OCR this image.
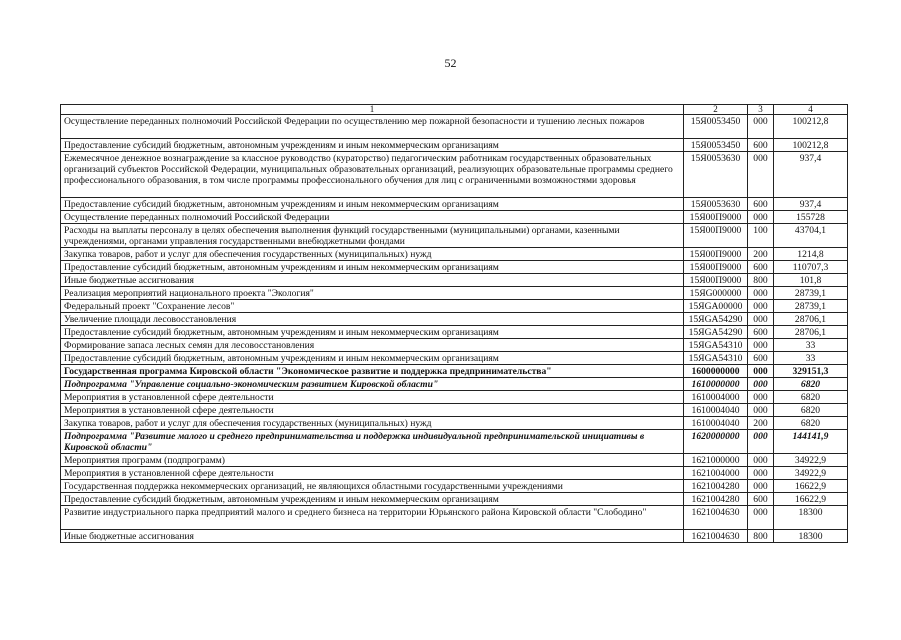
52
1	2	3	4
Осуществление переданных полномочий Российской Федерации по осуществлению мер пожарной безопасности и тушению лесных пожаров	15Я0053450	000	100212,8
Предоставление субсидий бюджетным, автономным учреждениям и иным некоммерческим организациям	15Я0053450	600	100212,8
Ежемесячное денежное вознаграждение за классное руководство (кураторство) педагогическим работникам государственных образовательных организаций субъектов Российской Федерации, муниципальных образовательных организаций, реализующих образовательные программы среднего профессионального образования, в том числе программы профессионального обучения для лиц с ограниченными возможностями здоровья	15Я0053630	000	937,4
Предоставление субсидий бюджетным, автономным учреждениям и иным некоммерческим организациям	15Я0053630	600	937,4
Осуществление переданных полномочий Российской Федерации	15Я00П9000	000	155728
Расходы на выплаты персоналу в целях обеспечения выполнения функций государственными (муниципальными) органами, казенными учреждениями, органами управления государственными внебюджетными фондами	15Я00П9000	100	43704,1
Закупка товаров, работ и услуг для обеспечения государственных (муниципальных) нужд	15Я00П9000	200	1214,8
Предоставление субсидий бюджетным, автономным учреждениям и иным некоммерческим организациям	15Я00П9000	600	110707,3
Иные бюджетные ассигнования	15Я00П9000	800	101,8
Реализация мероприятий национального проекта "Экология"	15ЯG000000	000	28739,1
Федеральный проект "Сохранение лесов"	15ЯGA00000	000	28739,1
Увеличение площади лесовосстановления	15ЯGA54290	000	28706,1
Предоставление субсидий бюджетным, автономным учреждениям и иным некоммерческим организациям	15ЯGA54290	600	28706,1
Формирование запаса лесных семян для лесовосстановления	15ЯGA54310	000	33
Предоставление субсидий бюджетным, автономным учреждениям и иным некоммерческим организациям	15ЯGA54310	600	33
Государственная программа Кировской области "Экономическое развитие и поддержка предпринимательства"	1600000000	000	329151,3
Подпрограмма "Управление социально-экономическим развитием Кировской области"	1610000000	000	6820
Мероприятия в установленной сфере деятельности	1610004000	000	6820
Мероприятия в установленной сфере деятельности	1610004040	000	6820
Закупка товаров, работ и услуг для обеспечения государственных (муниципальных) нужд	1610004040	200	6820
Подпрограмма "Развитие малого и среднего предпринимательства и поддержка индивидуальной предпринимательской инициативы в Кировской области"	1620000000	000	144141,9
Мероприятия программ (подпрограмм)	1621000000	000	34922,9
Мероприятия в установленной сфере деятельности	1621004000	000	34922,9
Государственная поддержка некоммерческих организаций, не являющихся областными государственными учреждениями	1621004280	000	16622,9
Предоставление субсидий бюджетным, автономным учреждениям и иным некоммерческим организациям	1621004280	600	16622,9
Развитие индустриального парка предприятий малого и среднего бизнеса на территории Юрьянского района Кировской области "Слободино"	1621004630	000	18300
Иные бюджетные ассигнования	1621004630	800	18300
